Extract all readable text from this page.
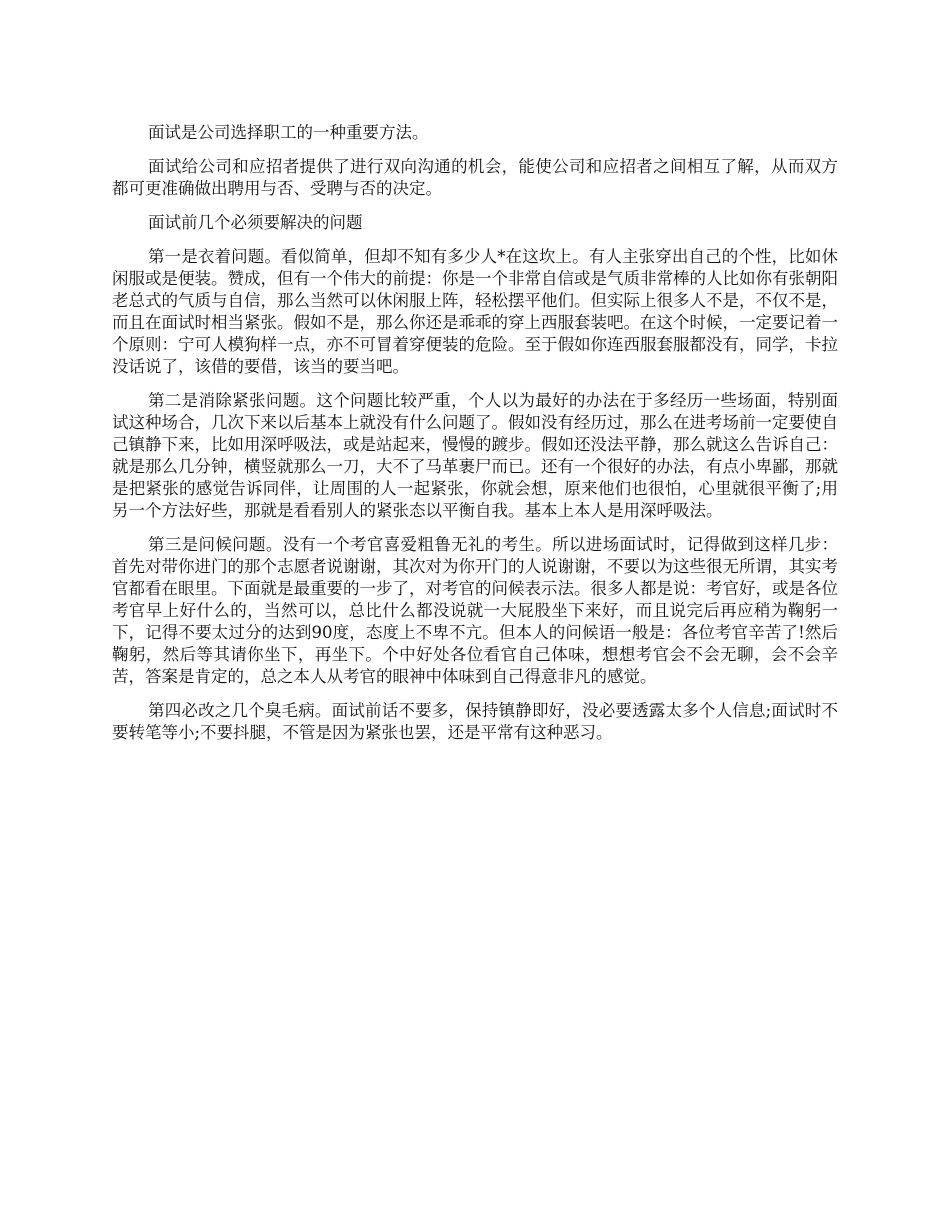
面试是公司选择职工的一种重要方法。

面试给公司和应招者提供了进行双向沟通的机会，能使公司和应招者之间相互了解，从而双方都可更准确做出聘用与否、受聘与否的决定。

面试前几个必须要解决的问题

第一是衣着问题。看似简单，但却不知有多少人*在这坎上。有人主张穿出自己的个性，比如休闲服或是便装。赞成，但有一个伟大的前提：你是一个非常自信或是气质非常棒的人比如你有张朝阳老总式的气质与自信，那么当然可以休闲服上阵，轻松摆平他们。但实际上很多人不是，不仅不是，而且在面试时相当紧张。假如不是，那么你还是乖乖的穿上西服套装吧。在这个时候，一定要记着一个原则：宁可人模狗样一点，亦不可冒着穿便装的危险。至于假如你连西服套服都没有，同学，卡拉没话说了，该借的要借，该当的要当吧。

第二是消除紧张问题。这个问题比较严重，个人以为最好的办法在于多经历一些场面，特别面试这种场合，几次下来以后基本上就没有什么问题了。假如没有经历过，那么在进考场前一定要使自己镇静下来，比如用深呼吸法，或是站起来，慢慢的踱步。假如还没法平静，那么就这么告诉自己：就是那么几分钟，横竖就那么一刀，大不了马革裹尸而已。还有一个很好的办法，有点小卑鄙，那就是把紧张的感觉告诉同伴，让周围的人一起紧张，你就会想，原来他们也很怕，心里就很平衡了;用另一个方法好些，那就是看看别人的紧张态以平衡自我。基本上本人是用深呼吸法。

第三是问候问题。没有一个考官喜爱粗鲁无礼的考生。所以进场面试时，记得做到这样几步：首先对带你进门的那个志愿者说谢谢，其次对为你开门的人说谢谢，不要以为这些很无所谓，其实考官都看在眼里。下面就是最重要的一步了，对考官的问候表示法。很多人都是说：考官好，或是各位考官早上好什么的，当然可以，总比什么都没说就一大屁股坐下来好，而且说完后再应稍为鞠躬一下，记得不要太过分的达到90度，态度上不卑不亢。但本人的问候语一般是：各位考官辛苦了!然后鞠躬，然后等其请你坐下，再坐下。个中好处各位看官自己体味，想想考官会不会无聊，会不会辛苦，答案是肯定的，总之本人从考官的眼神中体味到自己得意非凡的感觉。

第四必改之几个臭毛病。面试前话不要多，保持镇静即好，没必要透露太多个人信息;面试时不要转笔等小;不要抖腿，不管是因为紧张也罢，还是平常有这种恶习。
